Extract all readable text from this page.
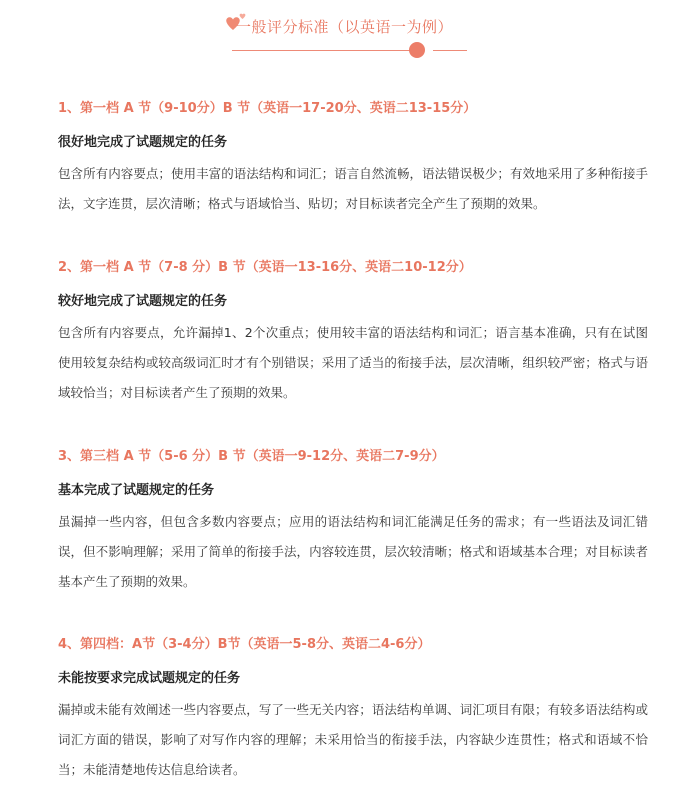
一般评分标准（以英语一为例）
1、第一档 A 节（9-10分）B 节（英语一17-20分、英语二13-15分）
很好地完成了试题规定的任务
包含所有内容要点；使用丰富的语法结构和词汇；语言自然流畅，语法错误极少；有效地采用了多种衔接手法，文字连贯，层次清晰；格式与语域恰当、贴切；对目标读者完全产生了预期的效果。
2、第一档 A 节（7-8 分）B 节（英语一13-16分、英语二10-12分）
较好地完成了试题规定的任务
包含所有内容要点，允许漏掉1、2个次重点；使用较丰富的语法结构和词汇；语言基本准确，只有在试图使用较复杂结构或较高级词汇时才有个别错误；采用了适当的衔接手法，层次清晰，组织较严密；格式与语域较恰当；对目标读者产生了预期的效果。
3、第三档 A 节（5-6 分）B 节（英语一9-12分、英语二7-9分）
基本完成了试题规定的任务
虽漏掉一些内容，但包含多数内容要点；应用的语法结构和词汇能满足任务的需求；有一些语法及词汇错误，但不影响理解；采用了简单的衔接手法，内容较连贯，层次较清晰；格式和语域基本合理；对目标读者基本产生了预期的效果。
4、第四档：A节（3-4分）B节（英语一5-8分、英语二4-6分）
未能按要求完成试题规定的任务
漏掉或未能有效阐述一些内容要点，写了一些无关内容；语法结构单调、词汇项目有限；有较多语法结构或词汇方面的错误，影响了对写作内容的理解；未采用恰当的衔接手法，内容缺少连贯性；格式和语域不恰当；未能清楚地传达信息给读者。
